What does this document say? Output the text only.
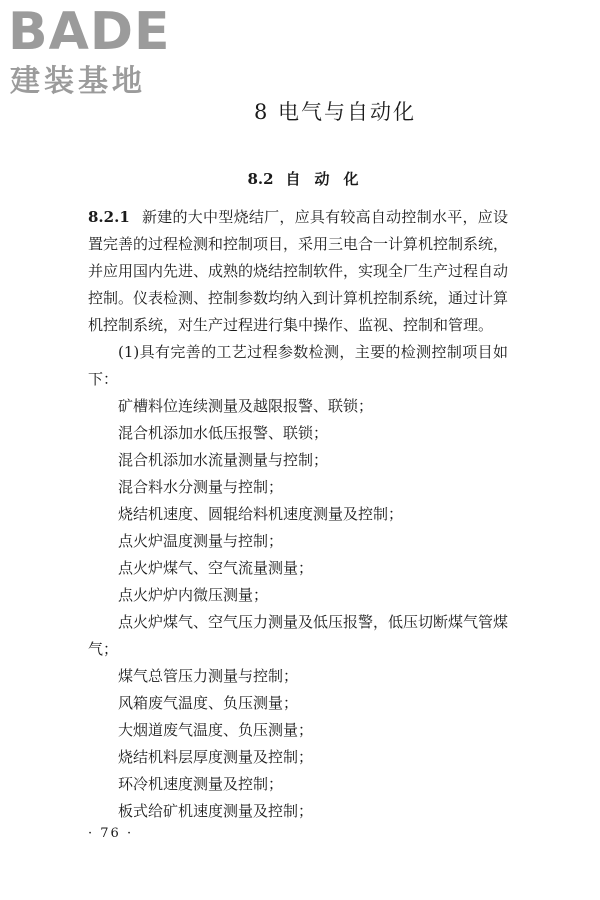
BADE
建装基地
8 电气与自动化
8.2 自动化

8.2.1 新建的大中型烧结厂，应具有较高自动控制水平，应设置完善的过程检测和控制项目，采用三电合一计算机控制系统，并应用国内先进、成熟的烧结控制软件，实现全厂生产过程自动控制。仪表检测、控制参数均纳入到计算机控制系统，通过计算机控制系统，对生产过程进行集中操作、监视、控制和管理。

(1)具有完善的工艺过程参数检测，主要的检测控制项目如下：

矿槽料位连续测量及越限报警、联锁；

混合机添加水低压报警、联锁；

混合机添加水流量测量与控制；

混合料水分测量与控制；

烧结机速度、圆辊给料机速度测量及控制；

点火炉温度测量与控制；

点火炉煤气、空气流量测量；

点火炉炉内微压测量；

点火炉煤气、空气压力测量及低压报警，低压切断煤气管煤气；

煤气总管压力测量与控制；

风箱废气温度、负压测量；

大烟道废气温度、负压测量；

烧结机料层厚度测量及控制；

环冷机速度测量及控制；

板式给矿机速度测量及控制；

· 76 ·
